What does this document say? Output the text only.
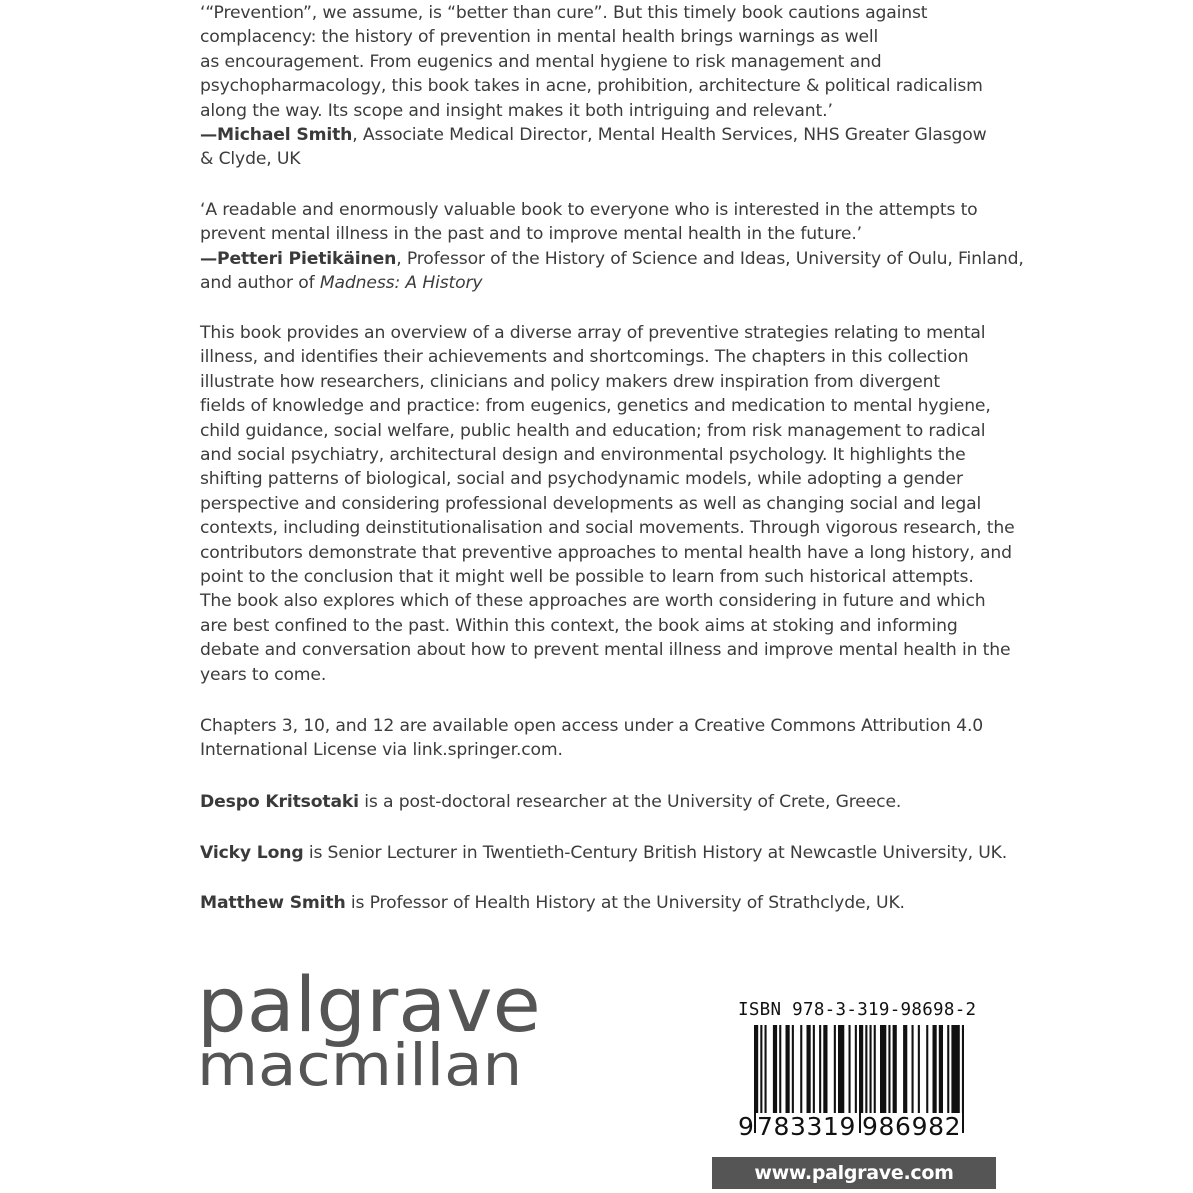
‘“Prevention”, we assume, is “better than cure”. But this timely book cautions against
complacency: the history of prevention in mental health brings warnings as well
as encouragement. From eugenics and mental hygiene to risk management and
psychopharmacology, this book takes in acne, prohibition, architecture & political radicalism
along the way. Its scope and insight makes it both intriguing and relevant.’
—Michael Smith, Associate Medical Director, Mental Health Services, NHS Greater Glasgow
& Clyde, UK
‘A readable and enormously valuable book to everyone who is interested in the attempts to
prevent mental illness in the past and to improve mental health in the future.’
—Petteri Pietikäinen, Professor of the History of Science and Ideas, University of Oulu, Finland,
and author of Madness: A History
This book provides an overview of a diverse array of preventive strategies relating to mental
illness, and identifies their achievements and shortcomings. The chapters in this collection
illustrate how researchers, clinicians and policy makers drew inspiration from divergent
fields of knowledge and practice: from eugenics, genetics and medication to mental hygiene,
child guidance, social welfare, public health and education; from risk management to radical
and social psychiatry, architectural design and environmental psychology. It highlights the
shifting patterns of biological, social and psychodynamic models, while adopting a gender
perspective and considering professional developments as well as changing social and legal
contexts, including deinstitutionalisation and social movements. Through vigorous research, the
contributors demonstrate that preventive approaches to mental health have a long history, and
point to the conclusion that it might well be possible to learn from such historical attempts.
The book also explores which of these approaches are worth considering in future and which
are best confined to the past. Within this context, the book aims at stoking and informing
debate and conversation about how to prevent mental illness and improve mental health in the
years to come.
Chapters 3, 10, and 12 are available open access under a Creative Commons Attribution 4.0
International License via link.springer.com.
Despo Kritsotaki is a post-doctoral researcher at the University of Crete, Greece.
Vicky Long is Senior Lecturer in Twentieth-Century British History at Newcastle University, UK.
Matthew Smith is Professor of Health History at the University of Strathclyde, UK.
palgrave
macmillan
ISBN 978-3-319-98698-2
9 783319 986982
www.palgrave.com
